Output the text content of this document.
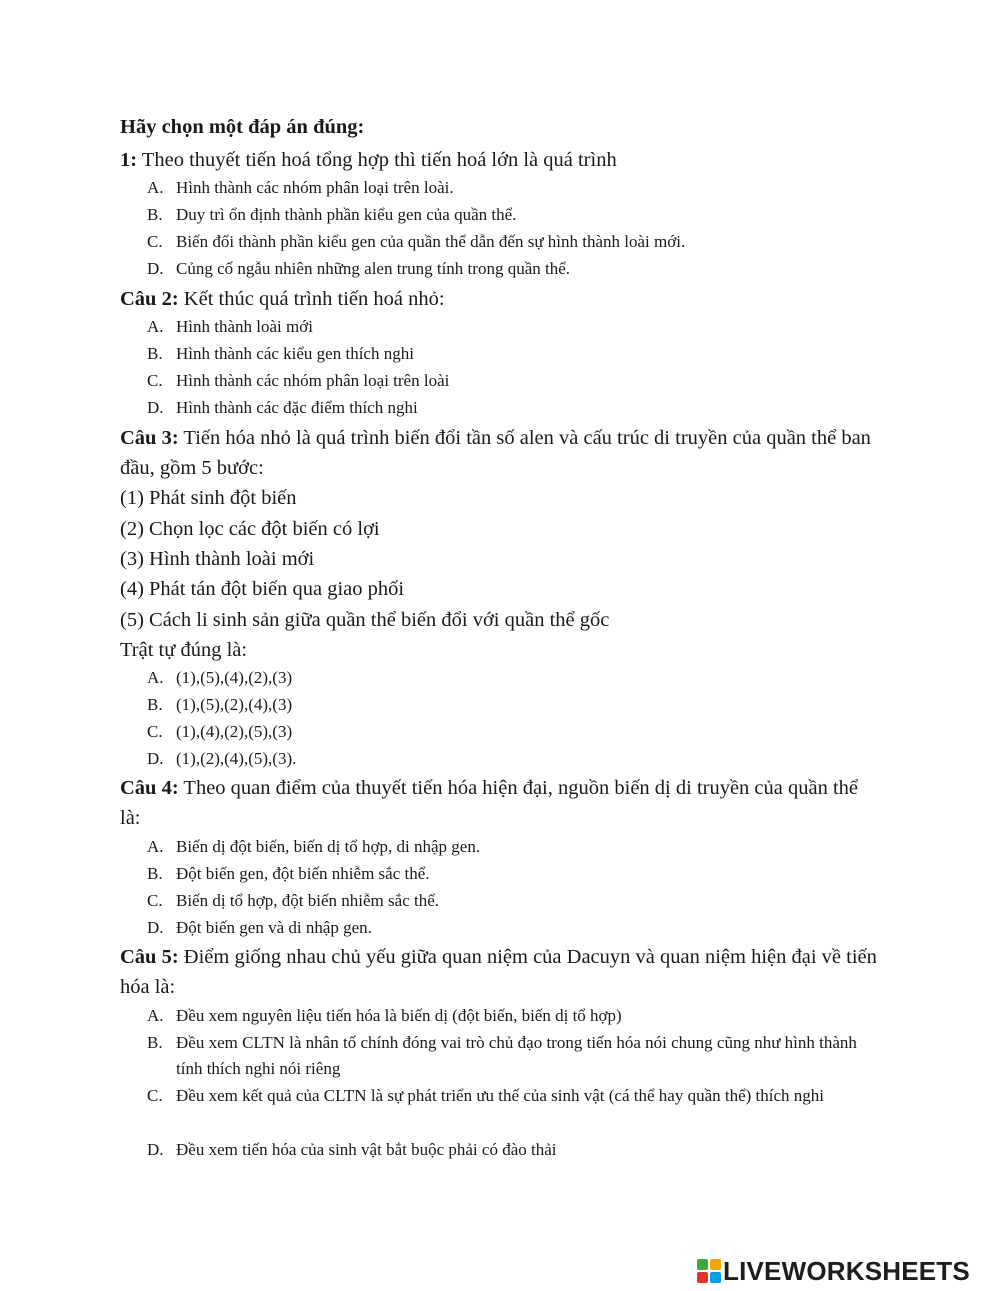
Hãy chọn một đáp án đúng:
1: Theo thuyết tiến hoá tổng hợp thì tiến hoá lớn là quá trình
A. Hình thành các nhóm phân loại trên loài.
B. Duy trì ổn định thành phần kiểu gen của quần thể.
C. Biến đổi thành phần kiểu gen của quần thể dẫn đến sự hình thành loài mới.
D. Củng cố ngẫu nhiên những alen trung tính trong quần thể.
Câu 2: Kết thúc quá trình tiến hoá nhỏ:
A. Hình thành loài mới
B. Hình thành các kiểu gen thích nghi
C. Hình thành các nhóm phân loại trên loài
D. Hình thành các đặc điểm thích nghi
Câu 3: Tiến hóa nhỏ là quá trình biến đổi tần số alen và cấu trúc di truyền của quần thể ban đầu, gồm 5 bước:
(1) Phát sinh đột biến
(2) Chọn lọc các đột biến có lợi
(3) Hình thành loài mới
(4) Phát tán đột biến qua giao phối
(5) Cách li sinh sản giữa quần thể biến đổi với quần thể gốc
Trật tự đúng là:
A. (1),(5),(4),(2),(3)
B. (1),(5),(2),(4),(3)
C. (1),(4),(2),(5),(3)
D. (1),(2),(4),(5),(3).
Câu 4: Theo quan điểm của thuyết tiến hóa hiện đại, nguồn biến dị di truyền của quần thể là:
A. Biến dị đột biến, biến dị tổ hợp, di nhập gen.
B. Đột biến gen, đột biến nhiễm sắc thể.
C. Biến dị tổ hợp, đột biến nhiễm sắc thể.
D. Đột biến gen và di nhập gen.
Câu 5: Điểm giống nhau chủ yếu giữa quan niệm của Dacuyn và quan niệm hiện đại về tiến hóa là:
A. Đều xem nguyên liệu tiến hóa là biến dị (đột biến, biến dị tổ hợp)
B. Đều xem CLTN là nhân tố chính đóng vai trò chủ đạo trong tiến hóa nói chung cũng như hình thành tính thích nghi nói riêng
C. Đều xem kết quả của CLTN là sự phát triển ưu thế của sinh vật (cá thể hay quần thể) thích nghi
D. Đều xem tiến hóa của sinh vật bắt buộc phải có đào thải
LIVEWORKSHEETS
